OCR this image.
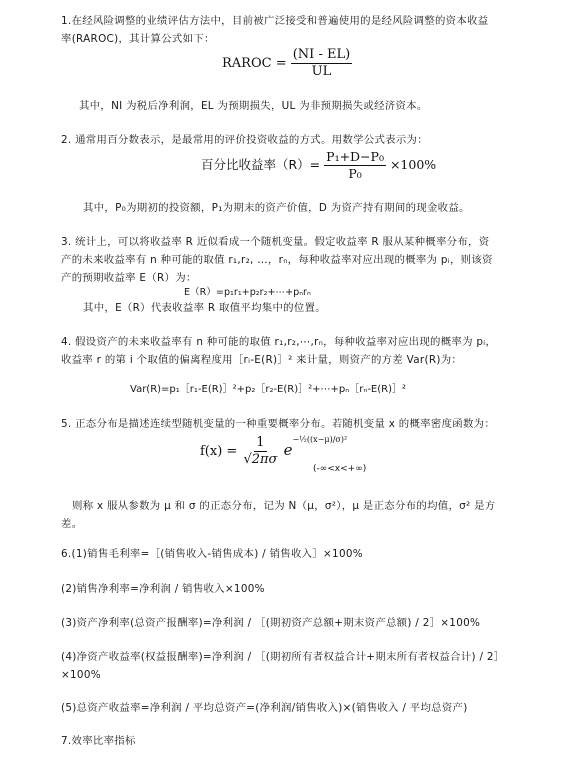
1.在经风险调整的业绩评估方法中，目前被广泛接受和普遍使用的是经风险调整的资本收益
率(RAROC)，其计算公式如下：
RAROC = $\frac{(NI - EL)}{UL}$
其中，NI 为税后净利润，EL 为预期损失，UL 为非预期损失或经济资本。
2. 通常用百分数表示，是最常用的评价投资收益的方式。用数学公式表示为：
百分比收益率$(R)= \frac{\text{P₁+D−P₀}}{\text{P₀}} \times 100\%$
其中，P₀为期初的投资额，P₁为期末的资产价值，D 为资产持有期间的现金收益。
3. 统计上，可以将收益率 R 近似看成一个随机变量。假定收益率 R 服从某种概率分布，资
产的未来收益率有 n 种可能的取值 r₁,r₂, …，rₙ，每种收益率对应出现的概率为 pᵢ，则该资
产的预期收益率 E（R）为：
E（R）=p₁r₁+p₂r₂+⋯+pₙrₙ
其中，E（R）代表收益率 R 取值平均集中的位置。
4. 假设资产的未来收益率有 n 种可能的取值 r₁,r₂,⋯,rₙ，每种收益率对应出现的概率为 pᵢ，
收益率 r 的第 i 个取值的偏离程度用［rᵢ-E(R)］² 来计量，则资产的方差 Var(R)为：
Var(R)=p₁［r₁-E(R)］²+p₂［r₂-E(R)］²+⋯+pₙ［rₙ-E(R)］²
5. 正态分布是描述连续型随机变量的一种重要概率分布。若随机变量 x 的概率密度函数为：
$f(x) = \frac{1}{√2\pi\sigma} e^{-\frac{1}{2}((x-\mu)/\sigma)^2}$
(-∞<x<+∞)
则称 x 服从参数为 μ 和 σ 的正态分布，记为 N（μ，σ²），μ 是正态分布的均值，σ² 是方
差。
6.(1)销售毛利率=［(销售收入-销售成本) / 销售收入］×100%
(2)销售净利率=净利润 / 销售收入×100%
(3)资产净利率(总资产报酬率)=净利润 / ［(期初资产总额+期末资产总额) / 2］×100%
(4)净资产收益率(权益报酬率)=净利润 / ［(期初所有者权益合计+期末所有者权益合计) / 2］
×100%
(5)总资产收益率=净利润 / 平均总资产=(净利润/销售收入)×(销售收入 / 平均总资产)
7.效率比率指标
